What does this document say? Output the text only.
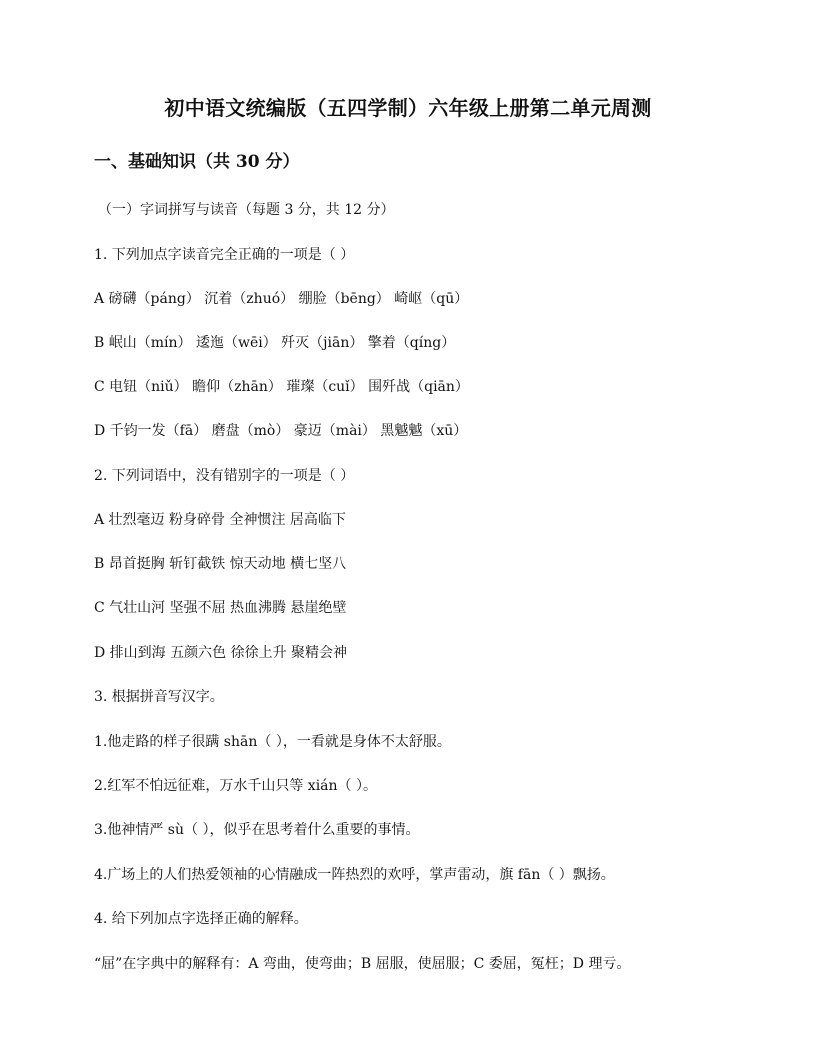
初中语文统编版（五四学制）六年级上册第二单元周测
一、基础知识（共 30 分）
（一）字词拼写与读音（每题 3 分，共 12 分）
1. 下列加点字读音完全正确的一项是（ ）
A 磅礴（páng） 沉着（zhuó） 绷脸（bēng） 崎岖（qū）
B 岷山（mín） 逶迤（wēi） 歼灭（jiān） 擎着（qíng）
C 电钮（niǔ） 瞻仰（zhān） 璀璨（cuǐ） 围歼战（qiān）
D 千钧一发（fā） 磨盘（mò） 豪迈（mài） 黑魆魆（xū）
2. 下列词语中，没有错别字的一项是（ ）
A 壮烈毫迈 粉身碎骨 全神惯注 居高临下
B 昂首挺胸 斩钉截铁 惊天动地 横七坚八
C 气壮山河 坚强不屈 热血沸腾 悬崖绝壁
D 排山到海 五颜六色 徐徐上升 聚精会神
3. 根据拼音写汉字。
1.他走路的样子很蹒 shān（ ），一看就是身体不太舒服。
2.红军不怕远征难，万水千山只等 xián（ ）。
3.他神情严 sù（ ），似乎在思考着什么重要的事情。
4.广场上的人们热爱领袖的心情融成一阵热烈的欢呼，掌声雷动，旗 fān（ ）飘扬。
4. 给下列加点字选择正确的解释。
“屈”在字典中的解释有：A 弯曲，使弯曲；B 屈服，使屈服；C 委屈，冤枉；D 理亏。
